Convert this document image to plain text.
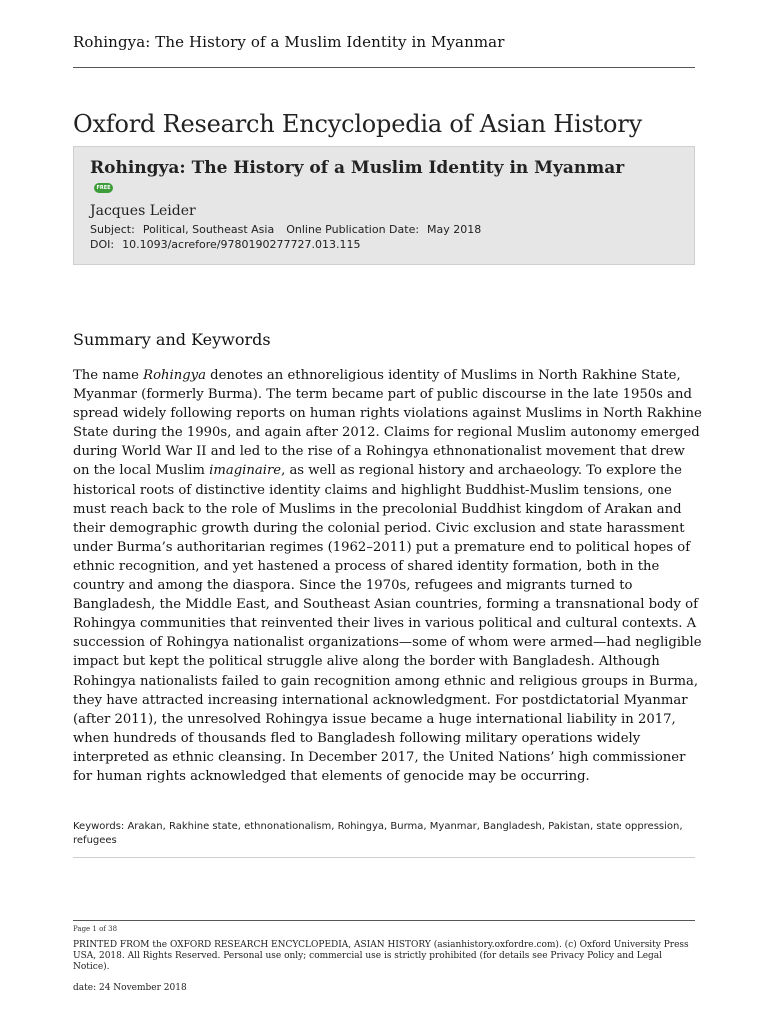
Rohingya: The History of a Muslim Identity in Myanmar
Oxford Research Encyclopedia of Asian History
Rohingya: The History of a Muslim Identity in Myanmar
FREE
Jacques Leider
Subject: Political, Southeast Asia Online Publication Date: May 2018
DOI: 10.1093/acrefore/9780190277727.013.115
Summary and Keywords

The name Rohingya denotes an ethnoreligious identity of Muslims in North Rakhine State, Myanmar (formerly Burma). The term became part of public discourse in the late 1950s and spread widely following reports on human rights violations against Muslims in North Rakhine State during the 1990s, and again after 2012. Claims for regional Muslim autonomy emerged during World War II and led to the rise of a Rohingya ethnonationalist movement that drew on the local Muslim imaginaire, as well as regional history and archaeology. To explore the historical roots of distinctive identity claims and highlight Buddhist-Muslim tensions, one must reach back to the role of Muslims in the precolonial Buddhist kingdom of Arakan and their demographic growth during the colonial period. Civic exclusion and state harassment under Burma’s authoritarian regimes (1962–2011) put a premature end to political hopes of ethnic recognition, and yet hastened a process of shared identity formation, both in the country and among the diaspora. Since the 1970s, refugees and migrants turned to Bangladesh, the Middle East, and Southeast Asian countries, forming a transnational body of Rohingya communities that reinvented their lives in various political and cultural contexts. A succession of Rohingya nationalist organizations—some of whom were armed—had negligible impact but kept the political struggle alive along the border with Bangladesh. Although Rohingya nationalists failed to gain recognition among ethnic and religious groups in Burma, they have attracted increasing international acknowledgment. For postdictatorial Myanmar (after 2011), the unresolved Rohingya issue became a huge international liability in 2017, when hundreds of thousands fled to Bangladesh following military operations widely interpreted as ethnic cleansing. In December 2017, the United Nations’ high commissioner for human rights acknowledged that elements of genocide may be occurring.

Keywords: Arakan, Rakhine state, ethnonationalism, Rohingya, Burma, Myanmar, Bangladesh, Pakistan, state oppression, refugees
Page 1 of 38
PRINTED FROM the OXFORD RESEARCH ENCYCLOPEDIA, ASIAN HISTORY (asianhistory.oxfordre.com). (c) Oxford University Press USA, 2018. All Rights Reserved. Personal use only; commercial use is strictly prohibited (for details see Privacy Policy and Legal Notice).
date: 24 November 2018
